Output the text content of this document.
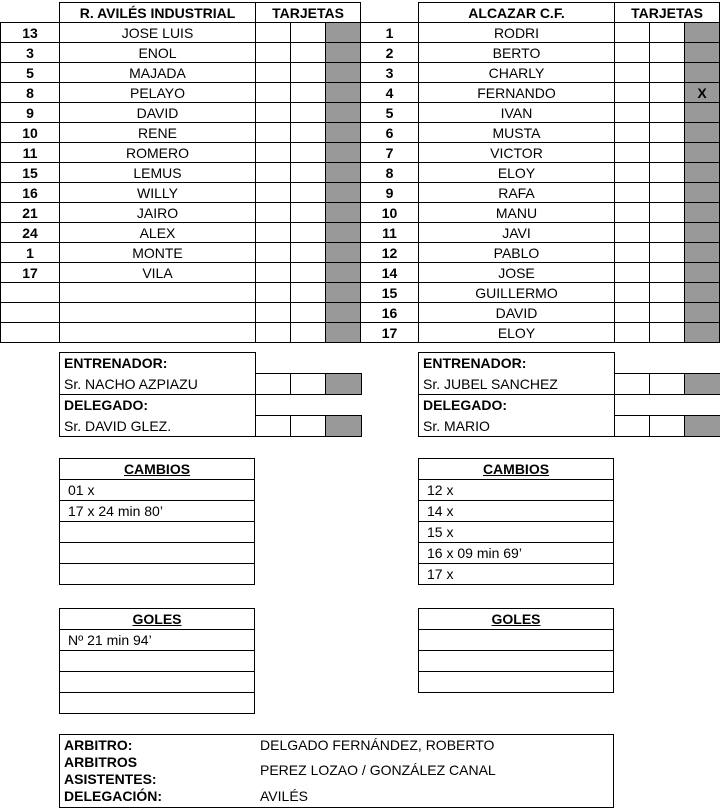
	R. AVILÉS INDUSTRIAL	TARJETAS		
13	JOSE LUIS			
3	ENOL			
5	MAJADA			
8	PELAYO			
9	DAVID			
10	RENE			
11	ROMERO			
15	LEMUS			
16	WILLY			
21	JAIRO			
24	ALEX			
1	MONTE			
17	VILA			

	ALCAZAR C.F.	TARJETAS		
1	RODRI			
2	BERTO			
3	CHARLY			
4	FERNANDO			X
5	IVAN			
6	MUSTA			
7	VICTOR			
8	ELOY			
9	RAFA			
10	MANU			
11	JAVI			
12	PABLO			
14	JOSE			
15	GUILLERMO			
16	DAVID			
17	ELOY			
ENTRENADOR:			
Sr. NACHO AZPIAZU			
DELEGADO:			
Sr. DAVID GLEZ.			
ENTRENADOR:			
Sr. JUBEL SANCHEZ			
DELEGADO:			
Sr. MARIO			
CAMBIOS
01 x
17 x 24 min 80’

CAMBIOS
12 x
14 x
15 x
16 x 09 min 69’
17 x
GOLES
Nº 21 min 94’

GOLES

ARBITRO:	DELGADO FERNÁNDEZ, ROBERTO
ARBITROS	PEREZ LOZAO / GONZÁLEZ CANAL
ASISTENTES:	
DELEGACIÓN:	AVILÉS
